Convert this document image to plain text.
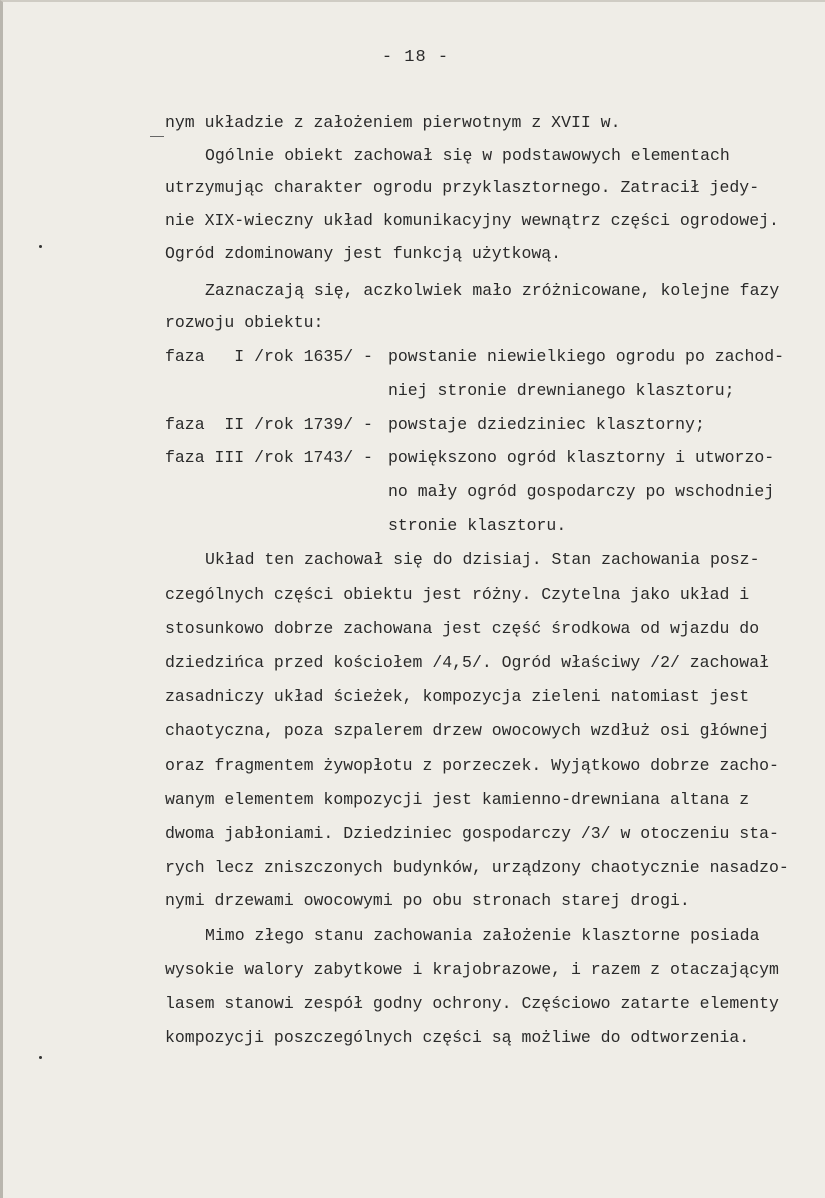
- 18 -
nym układzie z założeniem pierwotnym z XVII w.
Ogólnie obiekt zachował się w podstawowych elementach
utrzymując charakter ogrodu przyklasztornego. Zatracił jedy-
nie XIX-wieczny układ komunikacyjny wewnątrz części ogrodowej.
Ogród zdominowany jest funkcją użytkową.
Zaznaczają się, aczkolwiek mało zróżnicowane, kolejne fazy
rozwoju obiektu:
faza   I /rok 1635/ - powstanie niewielkiego ogrodu po zachod-
niej stronie drewnianego klasztoru;
faza  II /rok 1739/ - powstaje dziedziniec klasztorny;
faza III /rok 1743/ - powiększono ogród klasztorny i utworzo-
no mały ogród gospodarczy po wschodniej
stronie klasztoru.
Układ ten zachował się do dzisiaj. Stan zachowania posz-
czególnych części obiektu jest różny. Czytelna jako układ i
stosunkowo dobrze zachowana jest część środkowa od wjazdu do
dziedzińca przed kościołem /4,5/. Ogród właściwy /2/ zachował
zasadniczy układ ścieżek, kompozycja zieleni natomiast jest
chaotyczna, poza szpalerem drzew owocowych wzdłuż osi głównej
oraz fragmentem żywopłotu z porzeczek. Wyjątkowo dobrze zacho-
wanym elementem kompozycji jest kamienno-drewniana altana z
dwoma jabłoniami. Dziedziniec gospodarczy /3/ w otoczeniu sta-
rych lecz zniszczonych budynków, urządzony chaotycznie nasadzo-
nymi drzewami owocowymi po obu stronach starej drogi.
Mimo złego stanu zachowania założenie klasztorne posiada
wysokie walory zabytkowe i krajobrazowe, i razem z otaczającym
lasem stanowi zespół godny ochrony. Częściowo zatarte elementy
kompozycji poszczególnych części są możliwe do odtworzenia.
